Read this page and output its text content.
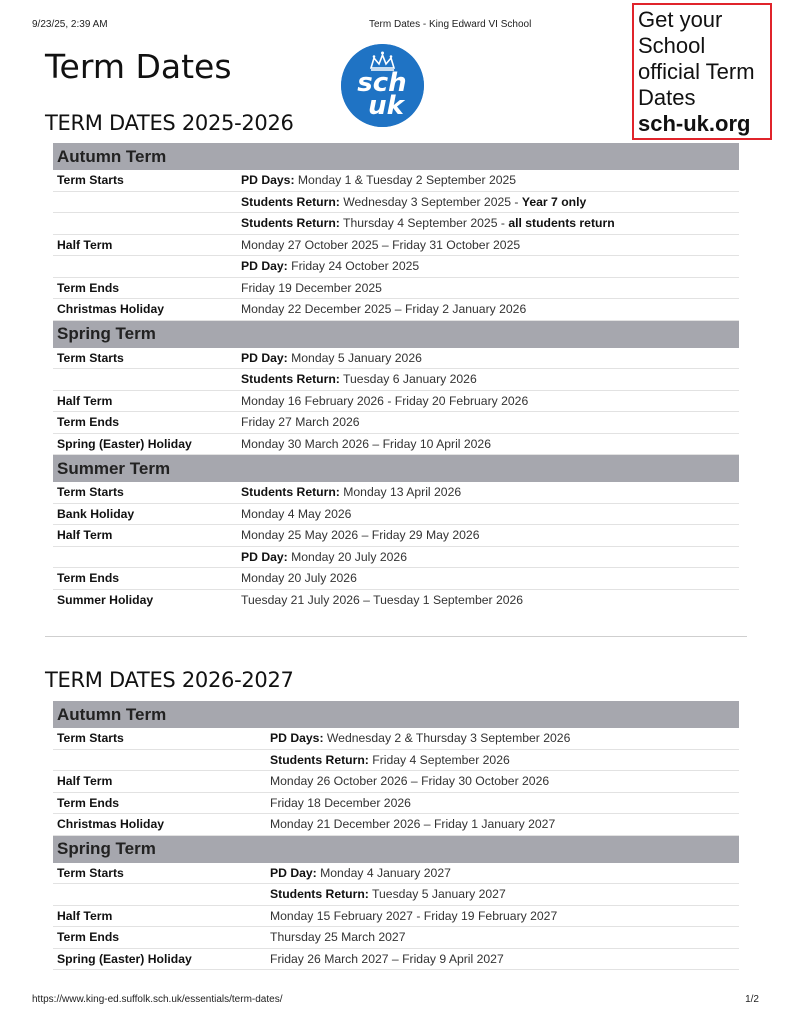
9/23/25, 2:39 AM	Term Dates - King Edward VI School
Term Dates	sch
uk
Get your
School
official Term
Dates
sch-uk.org
TERM DATES 2025-2026
Autumn Term	
Term Starts	PD Days: Monday 1 & Tuesday 2 September 2025
	Students Return: Wednesday 3 September 2025 - Year 7 only
	Students Return: Thursday 4 September 2025 - all students return
Half Term	Monday 27 October 2025 – Friday 31 October 2025
	PD Day: Friday 24 October 2025
Term Ends	Friday 19 December 2025
Christmas Holiday	Monday 22 December 2025 – Friday 2 January 2026
Spring Term	
Term Starts	PD Day: Monday 5 January 2026
	Students Return: Tuesday 6 January 2026
Half Term	Monday 16 February 2026 - Friday 20 February 2026
Term Ends	Friday 27 March 2026
Spring (Easter) Holiday	Monday 30 March 2026 – Friday 10 April 2026
Summer Term	
Term Starts	Students Return: Monday 13 April 2026
Bank Holiday	Monday 4 May 2026
Half Term	Monday 25 May 2026 – Friday 29 May 2026
	PD Day: Monday 20 July 2026
Term Ends	Monday 20 July 2026
Summer Holiday	Tuesday 21 July 2026 – Tuesday 1 September 2026
TERM DATES 2026-2027
Autumn Term	
Term Starts	PD Days: Wednesday 2 & Thursday 3 September 2026
	Students Return: Friday 4 September 2026
Half Term	Monday 26 October 2026 – Friday 30 October 2026
Term Ends	Friday 18 December 2026
Christmas Holiday	Monday 21 December 2026 – Friday 1 January 2027
Spring Term	
Term Starts	PD Day: Monday 4 January 2027
	Students Return: Tuesday 5 January 2027
Half Term	Monday 15 February 2027 - Friday 19 February 2027
Term Ends	Thursday 25 March 2027
Spring (Easter) Holiday	Friday 26 March 2027 – Friday 9 April 2027
https://www.king-ed.suffolk.sch.uk/essentials/term-dates/	1/2
